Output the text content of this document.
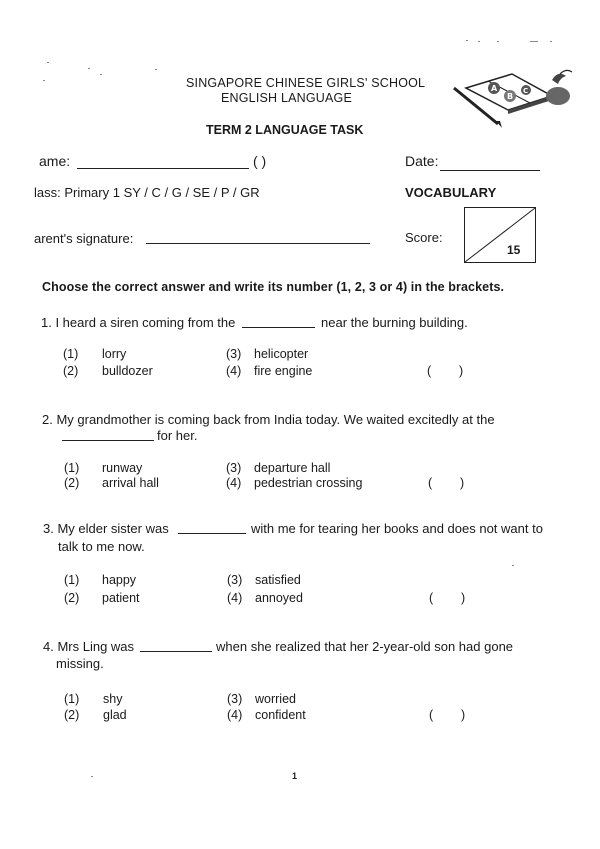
SINGAPORE CHINESE GIRLS' SCHOOL
ENGLISH LANGUAGE
A
B
C
TERM 2 LANGUAGE TASK
ame:	( )	Date:
lass: Primary 1 SY / C / G / SE / P / GR	VOCABULARY
arent's signature:	Score:
15
Choose the correct answer and write its number (1, 2, 3 or 4) in the brackets.
1. I heard a siren coming from the	near the burning building.
(1) lorry	(3) helicopter
(2) bulldozer	(4) fire engine	(        )
2. My grandmother is coming back from India today. We waited excitedly at the
for her.
(1) runway	(3) departure hall
(2) arrival hall	(4) pedestrian crossing	(        )
3. My elder sister was	with me for tearing her books and does not want to
talk to me now.
(1) happy	(3) satisfied
(2) patient	(4) annoyed	(        )
4. Mrs Ling was	when she realized that her 2-year-old son had gone
missing.
(1) shy	(3) worried
(2) glad	(4) confident	(        )
1
